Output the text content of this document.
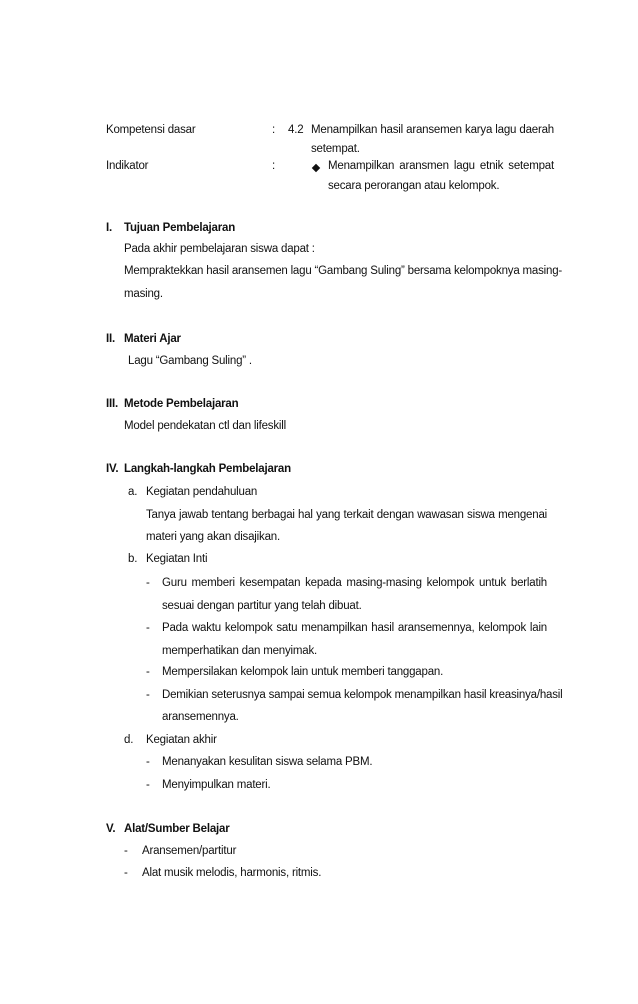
Kompetensi dasar	: 4.2 Menampilkan hasil aransemen karya lagu daerah
setempat.
Indikator	:	Menampilkan aransmen lagu etnik setempat
secara perorangan atau kelompok.
I. Tujuan Pembelajaran
Pada akhir pembelajaran siswa dapat :
Mempraktekkan hasil aransemen lagu “Gambang Suling” bersama kelompoknya masing-
masing.
II. Materi Ajar
Lagu “Gambang Suling” .
III. Metode Pembelajaran
Model pendekatan ctl dan lifeskill
IV. Langkah-langkah Pembelajaran
a. Kegiatan pendahuluan
Tanya jawab tentang berbagai hal yang terkait dengan wawasan siswa mengenai
materi yang akan disajikan.
b. Kegiatan Inti
- Guru memberi kesempatan kepada masing-masing kelompok untuk berlatih
sesuai dengan partitur yang telah dibuat.
- Pada waktu kelompok satu menampilkan hasil aransemennya, kelompok lain
memperhatikan dan menyimak.
- Mempersilakan kelompok lain untuk memberi tanggapan.
- Demikian seterusnya sampai semua kelompok menampilkan hasil kreasinya/hasil
aransemennya.
d. Kegiatan akhir
- Menanyakan kesulitan siswa selama PBM.
- Menyimpulkan materi.
V. Alat/Sumber Belajar
- Aransemen/partitur
- Alat musik melodis, harmonis, ritmis.
